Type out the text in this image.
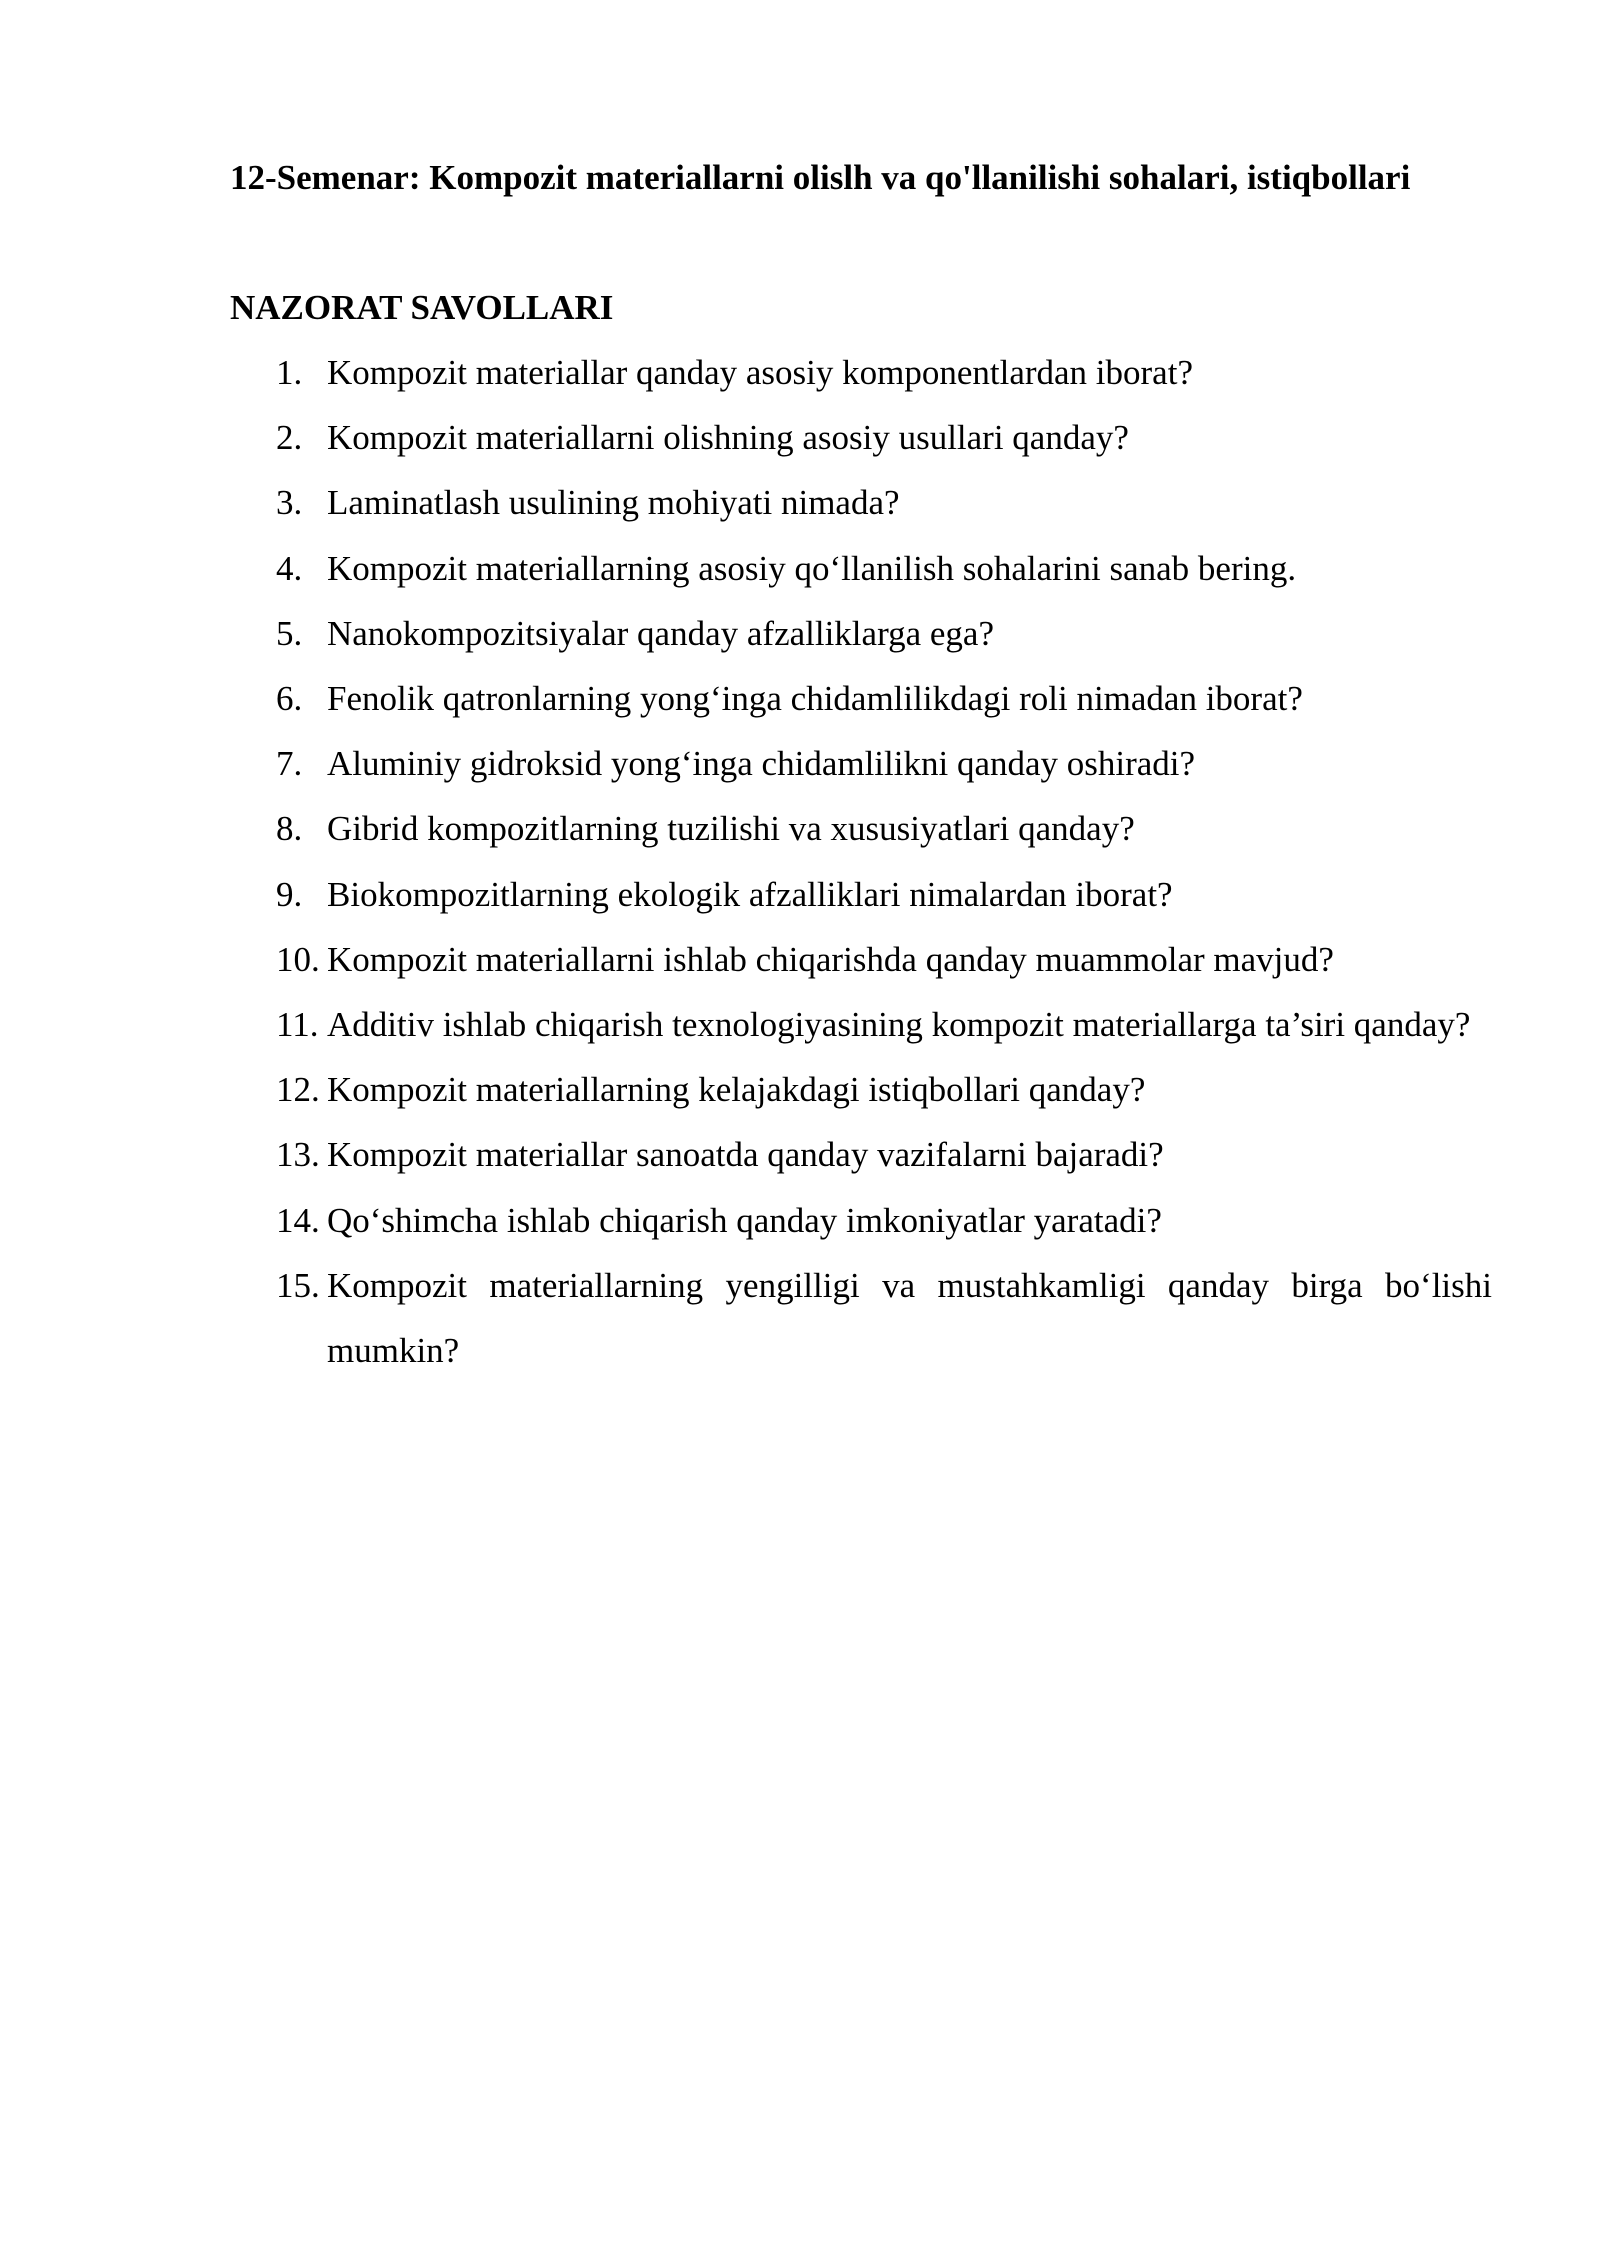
12-Semenar: Kompozit materiallarni olislh va qo'llanilishi sohalari, istiqbollari

NAZORAT SAVOLLARI

1. Kompozit materiallar qanday asosiy komponentlardan iborat?
2. Kompozit materiallarni olishning asosiy usullari qanday?
3. Laminatlash usulining mohiyati nimada?
4. Kompozit materiallarning asosiy qo‘llanilish sohalarini sanab bering.
5. Nanokompozitsiyalar qanday afzalliklarga ega?
6. Fenolik qatronlarning yong‘inga chidamlilikdagi roli nimadan iborat?
7. Aluminiy gidroksid yong‘inga chidamlilikni qanday oshiradi?
8. Gibrid kompozitlarning tuzilishi va xususiyatlari qanday?
9. Biokompozitlarning ekologik afzalliklari nimalardan iborat?
10. Kompozit materiallarni ishlab chiqarishda qanday muammolar mavjud?
11. Additiv ishlab chiqarish texnologiyasining kompozit materiallarga ta’siri qanday?
12. Kompozit materiallarning kelajakdagi istiqbollari qanday?
13. Kompozit materiallar sanoatda qanday vazifalarni bajaradi?
14. Qo‘shimcha ishlab chiqarish qanday imkoniyatlar yaratadi?
15. Kompozit materiallarning yengilligi va mustahkamligi qanday birga bo‘lishi mumkin?
